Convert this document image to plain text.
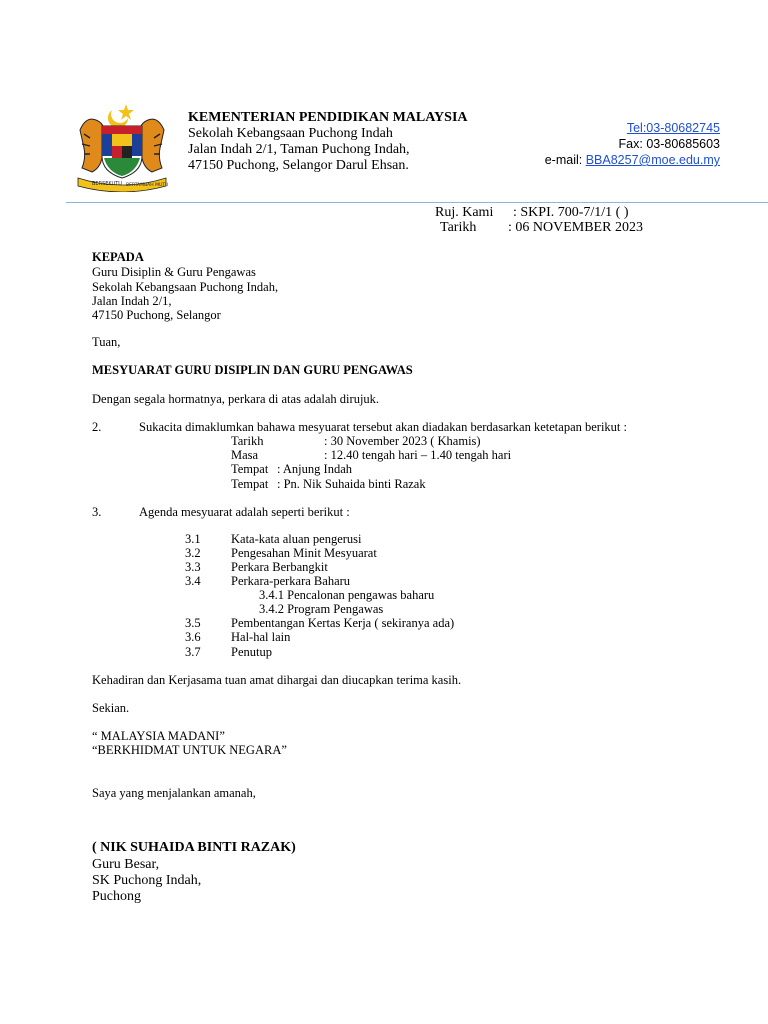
BERSEKUTU BERTAMBAH MUTU
KEMENTERIAN PENDIDIKAN MALAYSIA
Sekolah Kebangsaan Puchong Indah
Jalan Indah 2/1, Taman Puchong Indah,
47150 Puchong, Selangor Darul Ehsan.
Tel:03-80682745
Fax: 03-80685603
e-mail: BBA8257@moe.edu.my
Ruj. Kami : SKPI. 700-7/1/1 ( )
Tarikh : 06 NOVEMBER 2023
KEPADA
Guru Disiplin & Guru Pengawas
Sekolah Kebangsaan Puchong Indah,
Jalan Indah 2/1,
47150 Puchong, Selangor
Tuan,
MESYUARAT GURU DISIPLIN DAN GURU PENGAWAS
Dengan segala hormatnya, perkara di atas adalah dirujuk.
2.	Sukacita dimaklumkan bahawa mesyuarat tersebut akan diadakan berdasarkan ketetapan berikut :
Tarikh	: 30 November 2023 ( Khamis)
Masa	: 12.40 tengah hari – 1.40 tengah hari
Tempat : Anjung Indah
Tempat : Pn. Nik Suhaida binti Razak
3.	Agenda mesyuarat adalah seperti berikut :
3.1 Kata-kata aluan pengerusi
3.2 Pengesahan Minit Mesyuarat
3.3 Perkara Berbangkit
3.4 Perkara-perkara Baharu
3.4.1 Pencalonan pengawas baharu
3.4.2 Program Pengawas
3.5 Pembentangan Kertas Kerja ( sekiranya ada)
3.6 Hal-hal lain
3.7 Penutup
Kehadiran dan Kerjasama tuan amat dihargai dan diucapkan terima kasih.
Sekian.
“ MALAYSIA MADANI”
“BERKHIDMAT UNTUK NEGARA”
Saya yang menjalankan amanah,
( NIK SUHAIDA BINTI RAZAK)
Guru Besar,
SK Puchong Indah,
Puchong
